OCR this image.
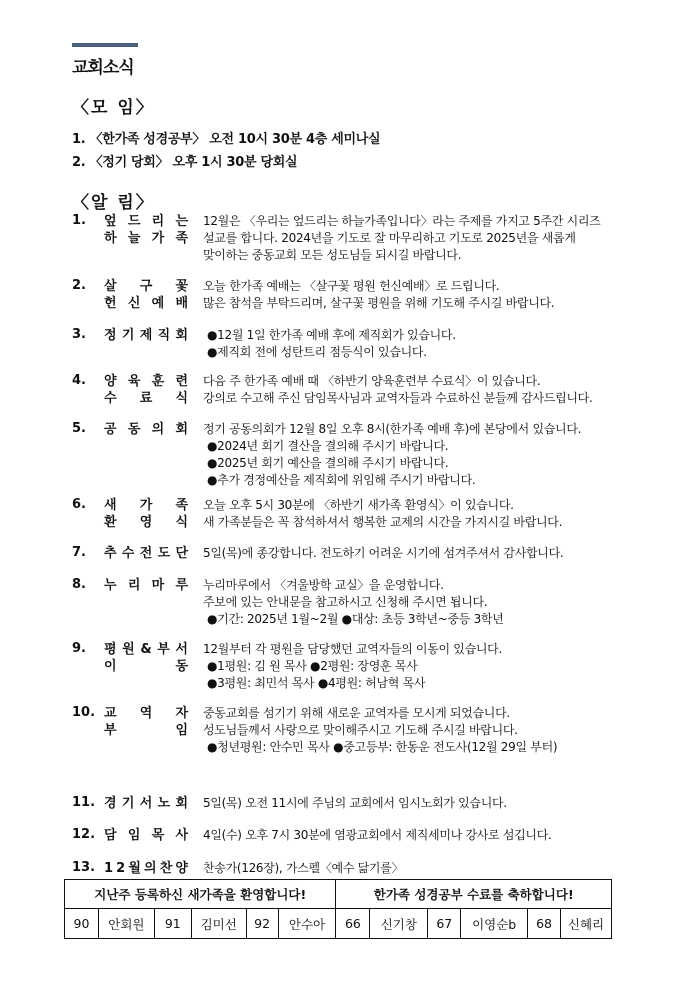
교회소식
〈모 임〉
1. 〈한가족 성경공부〉 오전 10시 30분 4층 세미나실
2. 〈정기 당회〉 오후 1시 30분 당회실
〈알 림〉
1.	엎 드 리 는
하 늘 가 족
12월은 〈우리는 엎드리는 하늘가족입니다〉라는 주제를 가지고 5주간 시리즈
설교를 합니다. 2024년을 기도로 잘 마무리하고 기도로 2025년을 새롭게
맞이하는 중동교회 모든 성도님들 되시길 바랍니다.
2.	살 구 꽃
헌 신 예 배
오늘 한가족 예배는 〈살구꽃 평원 헌신예배〉로 드립니다.
많은 참석을 부탁드리며, 살구꽃 평원을 위해 기도해 주시길 바랍니다.
3.	정 기 제 직 회	●12월 1일 한가족 예배 후에 제직회가 있습니다.
●제직회 전에 성탄트리 점등식이 있습니다.
4.	양 육 훈 련
수 료 식
다음 주 한가족 예배 때 〈하반기 양육훈련부 수료식〉이 있습니다.
강의로 수고해 주신 담임목사님과 교역자들과 수료하신 분들께 감사드립니다.
5.	공 동 의 회 정기 공동의회가 12월 8일 오후 8시(한가족 예배 후)에 본당에서 있습니다.
●2024년 회기 결산을 결의해 주시기 바랍니다.
●2025년 회기 예산을 결의해 주시기 바랍니다.
●추가 경정예산을 제직회에 위임해 주시기 바랍니다.
6.	새 가 족
환 영 식
오늘 오후 5시 30분에 〈하반기 새가족 환영식〉이 있습니다.
새 가족분들은 꼭 참석하셔서 행복한 교제의 시간을 가지시길 바랍니다.
7.	추 수 전 도 단 5일(목)에 종강합니다. 전도하기 어려운 시기에 섬겨주셔서 감사합니다.
8.	누 리 마 루 누리마루에서 〈겨울방학 교실〉을 운영합니다.
주보에 있는 안내문을 참고하시고 신청해 주시면 됩니다.
●기간: 2025년 1월~2월 ●대상: 초등 3학년~중등 3학년
9.	평 원 & 부 서
이	동
12월부터 각 평원을 담당했던 교역자들의 이동이 있습니다.
●1평원: 김 원 목사 ●2평원: 장영훈 목사
●3평원: 최민석 목사 ●4평원: 허남혁 목사
10. 교 역 자
부	임
중동교회를 섬기기 위해 새로운 교역자를 모시게 되었습니다.
성도님들께서 사랑으로 맞이해주시고 기도해 주시길 바랍니다.
●청년평원: 안수민 목사 ●중고등부: 한동운 전도사(12월 29일 부터)
11. 경 기 서 노 회 5일(목) 오전 11시에 주님의 교회에서 임시노회가 있습니다.
12. 담 임 목 사 4일(수) 오후 7시 30분에 염광교회에서 제직세미나 강사로 섬깁니다.
13. 1 2 월 의 찬 양 찬송가(126장), 가스펠〈예수 닮기를〉
지난주 등록하신 새가족을 환영합니다!						한가족 성경공부 수료를 축하합니다!					
90	안회원	91	김미선	92	안수아	66	신기창	67	이영순b	68	신혜리
